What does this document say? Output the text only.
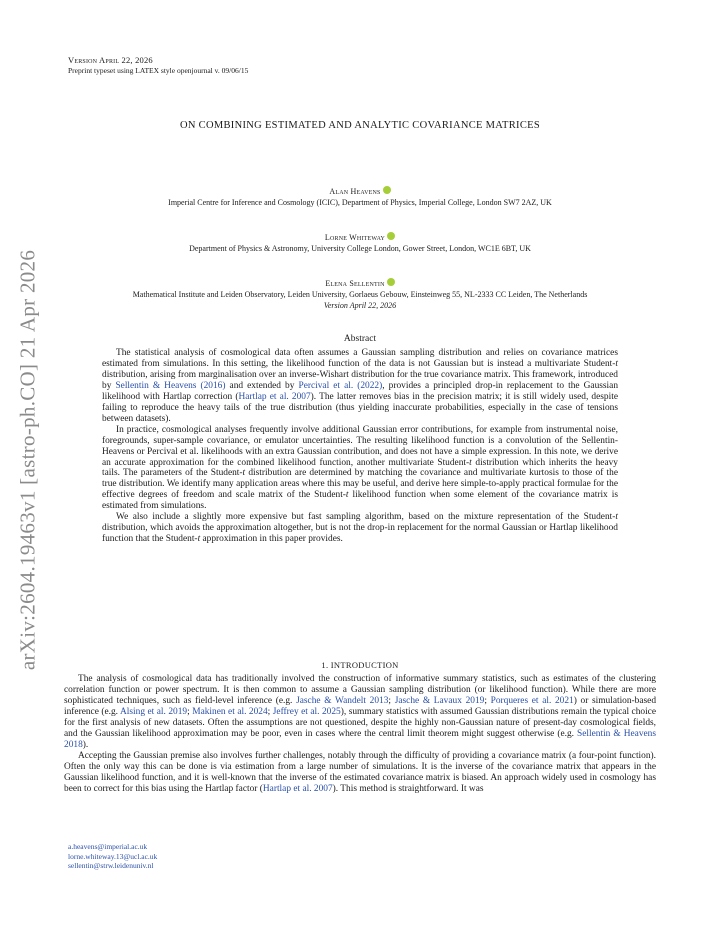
Version April 22, 2026
Preprint typeset using LATEX style openjournal v. 09/06/15
arXiv:2604.19463v1 [astro-ph.CO] 21 Apr 2026
ON COMBINING ESTIMATED AND ANALYTIC COVARIANCE MATRICES
Alan Heavens
Imperial Centre for Inference and Cosmology (ICIC), Department of Physics, Imperial College, London SW7 2AZ, UK
Lorne Whiteway
Department of Physics & Astronomy, University College London, Gower Street, London, WC1E 6BT, UK
Elena Sellentin
Mathematical Institute and Leiden Observatory, Leiden University, Gorlaeus Gebouw, Einsteinweg 55, NL-2333 CC Leiden, The Netherlands
Version April 22, 2026
Abstract

The statistical analysis of cosmological data often assumes a Gaussian sampling distribution and relies on covariance matrices estimated from simulations. In this setting, the likelihood function of the data is not Gaussian but is instead a multivariate Student-t distribution, arising from marginalisation over an inverse-Wishart distribution for the true covariance matrix. This framework, introduced by Sellentin & Heavens (2016) and extended by Percival et al. (2022), provides a principled drop-in replacement to the Gaussian likelihood with Hartlap correction (Hartlap et al. 2007). The latter removes bias in the precision matrix; it is still widely used, despite failing to reproduce the heavy tails of the true distribution (thus yielding inaccurate probabilities, especially in the case of tensions between datasets).

In practice, cosmological analyses frequently involve additional Gaussian error contributions, for example from instrumental noise, foregrounds, super-sample covariance, or emulator uncertainties. The resulting likelihood function is a convolution of the Sellentin-Heavens or Percival et al. likelihoods with an extra Gaussian contribution, and does not have a simple expression. In this note, we derive an accurate approximation for the combined likelihood function, another multivariate Student-t distribution which inherits the heavy tails. The parameters of the Student-t distribution are determined by matching the covariance and multivariate kurtosis to those of the true distribution. We identify many application areas where this may be useful, and derive here simple-to-apply practical formulae for the effective degrees of freedom and scale matrix of the Student-t likelihood function when some element of the covariance matrix is estimated from simulations.

We also include a slightly more expensive but fast sampling algorithm, based on the mixture representation of the Student-t distribution, which avoids the approximation altogether, but is not the drop-in replacement for the normal Gaussian or Hartlap likelihood function that the Student-t approximation in this paper provides.

1. INTRODUCTION

The analysis of cosmological data has traditionally involved the construction of informative summary statistics, such as estimates of the clustering correlation function or power spectrum. It is then common to assume a Gaussian sampling distribution (or likelihood function). While there are more sophisticated techniques, such as field-level inference (e.g. Jasche & Wandelt 2013; Jasche & Lavaux 2019; Porqueres et al. 2021) or simulation-based inference (e.g. Alsing et al. 2019; Makinen et al. 2024; Jeffrey et al. 2025), summary statistics with assumed Gaussian distributions remain the typical choice for the first analysis of new datasets. Often the assumptions are not questioned, despite the highly non-Gaussian nature of present-day cosmological fields, and the Gaussian likelihood approximation may be poor, even in cases where the central limit theorem might suggest otherwise (e.g. Sellentin & Heavens 2018).

Accepting the Gaussian premise also involves further challenges, notably through the difficulty of providing a covariance matrix (a four-point function). Often the only way this can be done is via estimation from a large number of simulations. It is the inverse of the covariance matrix that appears in the Gaussian likelihood function, and it is well-known that the inverse of the estimated covariance matrix is biased. An approach widely used in cosmology has been to correct for this bias using the Hartlap factor (Hartlap et al. 2007). This method is straightforward. It was

a.heavens@imperial.ac.uk
lorne.whiteway.13@ucl.ac.uk
sellentin@strw.leidenuniv.nl
